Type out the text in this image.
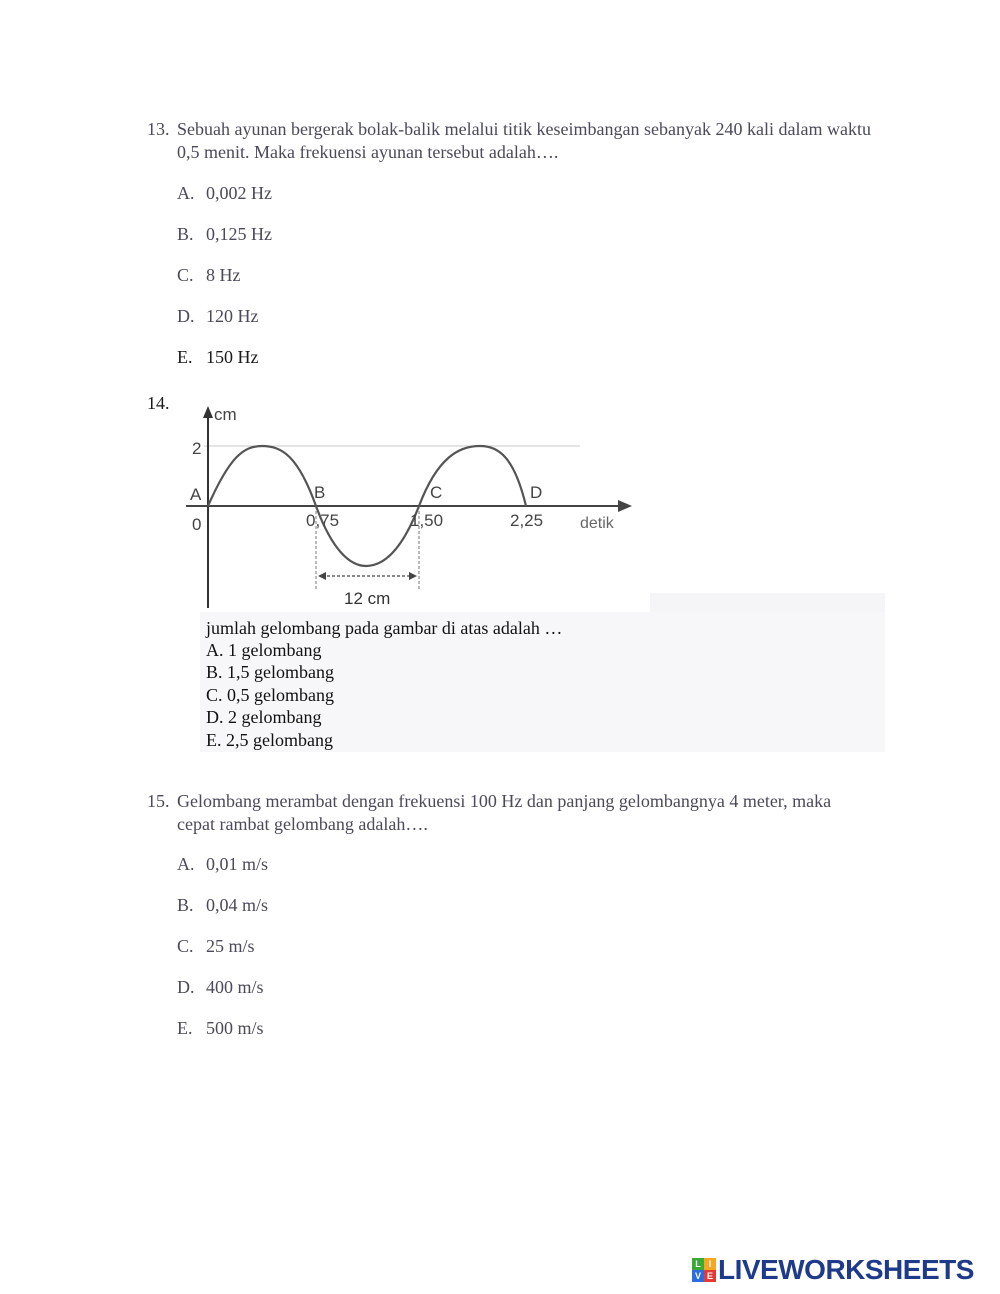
13. Sebuah ayunan bergerak bolak-balik melalui titik keseimbangan sebanyak 240 kali dalam waktu 0,5 menit. Maka frekuensi ayunan tersebut adalah….
A. 0,002 Hz
B. 0,125 Hz
C. 8 Hz
D. 120 Hz
E. 150 Hz
14.
cm
2
A
0
B
0,75
C
1,50
D
2,25 detik
12 cm
jumlah gelombang pada gambar di atas adalah …
A. 1 gelombang
B. 1,5 gelombang
C. 0,5 gelombang
D. 2 gelombang
E. 2,5 gelombang
15. Gelombang merambat dengan frekuensi 100 Hz dan panjang gelombangnya 4 meter, maka cepat rambat gelombang adalah….
A. 0,01 m/s
B. 0,04 m/s
C. 25 m/s
D. 400 m/s
E. 500 m/s
L I
V E LIVEWORKSHEETS
